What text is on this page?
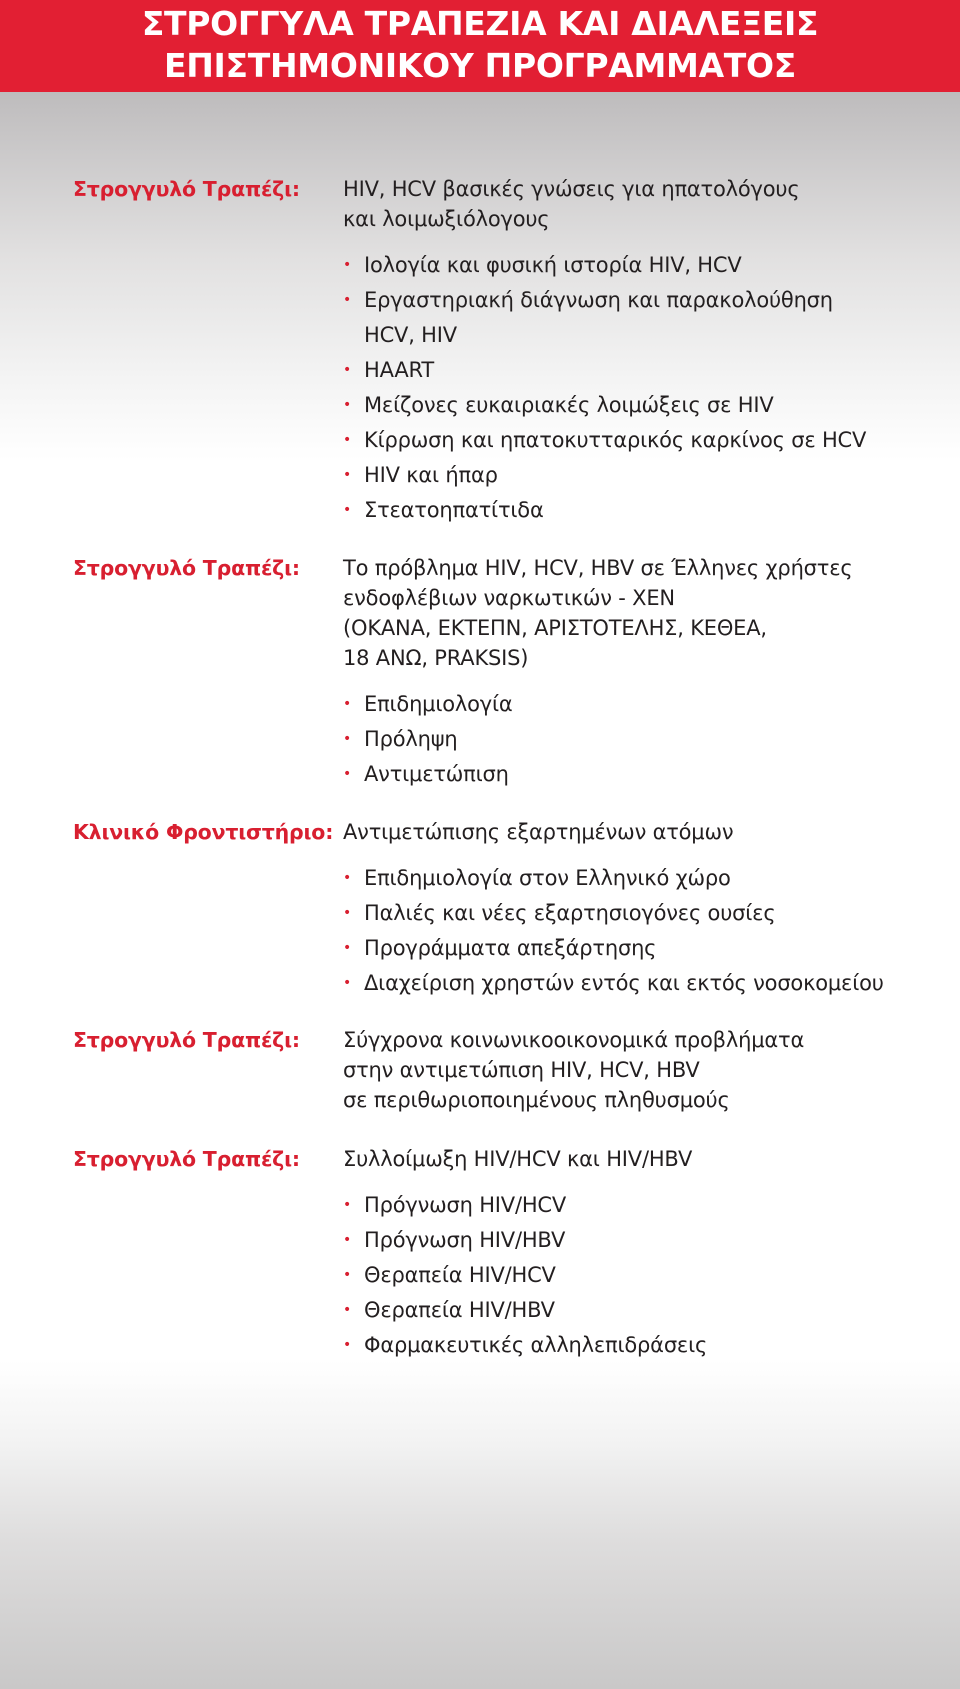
ΣΤΡΟΓΓΥΛΑ ΤΡΑΠΕΖΙΑ ΚΑΙ ΔΙΑΛΕΞΕΙΣ
ΕΠΙΣΤΗΜΟΝΙΚΟΥ ΠΡΟΓΡΑΜΜΑΤΟΣ
Στρογγυλό Τραπέζι: HIV, HCV βασικές γνώσεις για ηπατολόγους
και λοιμωξιόλογους
• Ιολογία και φυσική ιστορία HIV, HCV
• Εργαστηριακή διάγνωση και παρακολούθηση HCV, HIV
• HAART
• Μείζονες ευκαιριακές λοιμώξεις σε HIV
• Κίρρωση και ηπατοκυτταρικός καρκίνος σε HCV
• HIV και ήπαρ
• Στεατοηπατίτιδα
Στρογγυλό Τραπέζι: Το πρόβλημα HIV, HCV, HBV σε Έλληνες χρήστες
ενδοφλέβιων ναρκωτικών - ΧΕΝ
(ΟΚΑΝΑ, ΕΚΤΕΠΝ, ΑΡΙΣΤΟΤΕΛΗΣ, ΚΕΘΕΑ,
18 ΑΝΩ, PRAKSIS)
• Επιδημιολογία
• Πρόληψη
• Αντιμετώπιση
Κλινικό Φροντιστήριο: Αντιμετώπισης εξαρτημένων ατόμων
• Επιδημιολογία στον Ελληνικό χώρο
• Παλιές και νέες εξαρτησιογόνες ουσίες
• Προγράμματα απεξάρτησης
• Διαχείριση χρηστών εντός και εκτός νοσοκομείου
Στρογγυλό Τραπέζι: Σύγχρονα κοινωνικοοικονομικά προβλήματα
στην αντιμετώπιση HIV, HCV, HBV
σε περιθωριοποιημένους πληθυσμούς
Στρογγυλό Τραπέζι: Συλλοίμωξη HIV/HCV και HIV/HBV
• Πρόγνωση HIV/HCV
• Πρόγνωση HIV/HBV
• Θεραπεία HIV/HCV
• Θεραπεία HIV/HBV
• Φαρμακευτικές αλληλεπιδράσεις
